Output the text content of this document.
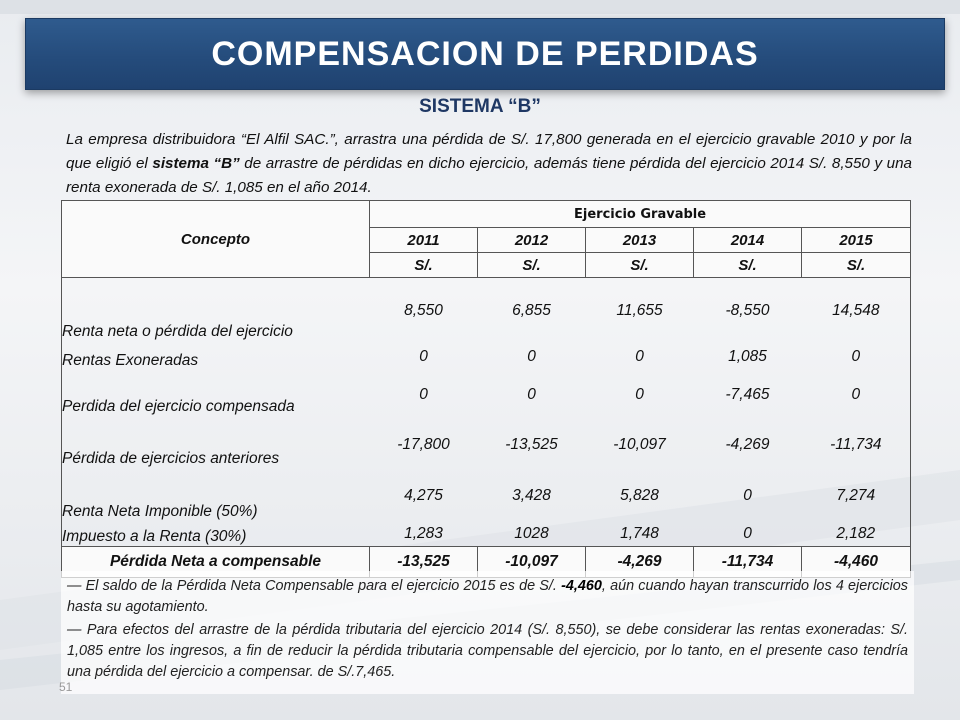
COMPENSACION DE PERDIDAS
SISTEMA “B”
La empresa distribuidora “El Alfil SAC.”, arrastra una pérdida de S/. 17,800 generada en el ejercicio gravable 2010 y por la que eligió el sistema “B” de arrastre de pérdidas en dicho ejercicio, además tiene pérdida del ejercicio 2014 S/. 8,550 y una renta exonerada de S/. 1,085 en el año 2014.
Concepto	Ejercicio Gravable				
	2011	2012	2013	2014	2015
	S/.	S/.	S/.	S/.	S/.
Renta neta o pérdida del ejercicio	8,550	6,855	11,655	-8,550	14,548
Rentas Exoneradas	0	0	0	1,085	0
Perdida del ejercicio compensada	0	0	0	-7,465	0
Pérdida de ejercicios anteriores	-17,800	-13,525	-10,097	-4,269	-11,734
Renta Neta Imponible (50%)	4,275	3,428	5,828	0	7,274
Impuesto a la Renta (30%)	1,283	1028	1,748	0	2,182
Pérdida Neta a compensable	-13,525	-10,097	-4,269	-11,734	-4,460

— El saldo de la Pérdida Neta Compensable para el ejercicio 2015 es de S/. -4,460, aún cuando hayan transcurrido los 4 ejercicios hasta su agotamiento.

— Para efectos del arrastre de la pérdida tributaria del ejercicio 2014 (S/. 8,550), se debe considerar las rentas exoneradas: S/. 1,085 entre los ingresos, a fin de reducir la pérdida tributaria compensable del ejercicio, por lo tanto, en el presente caso tendría una pérdida del ejercicio a compensar. de S/.7,465.

51
